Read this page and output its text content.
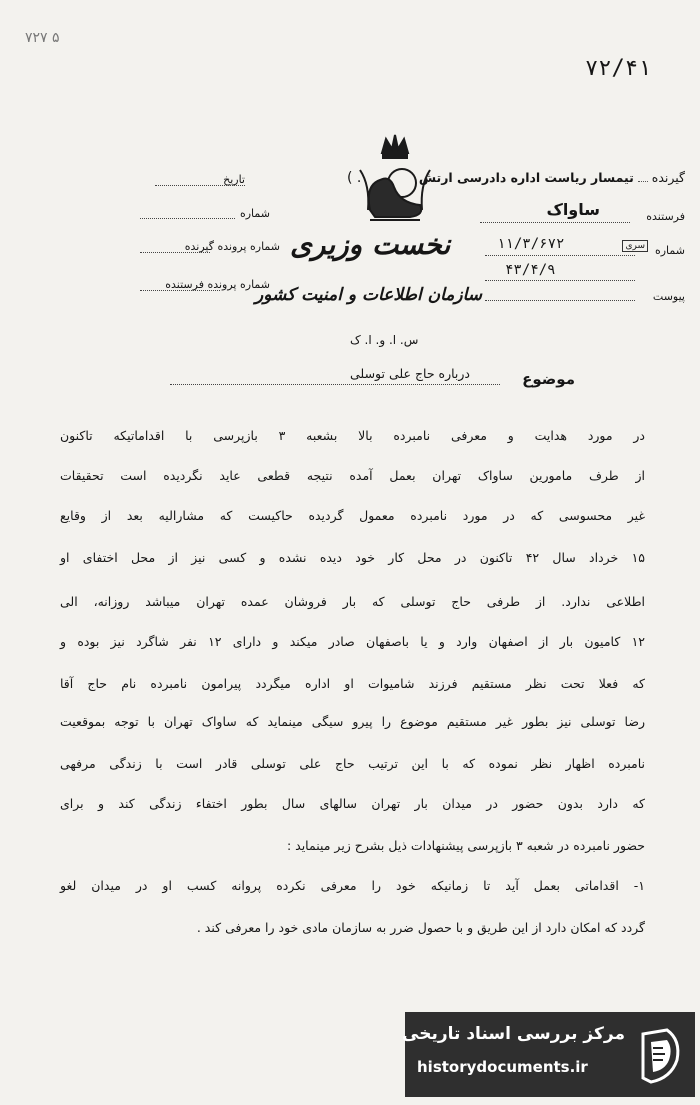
۷۲۷ ۵
۷۲/۴۱
گیرنده  تیمسار ریاست اداره دادرسی ارتش
( .
تاریخ
شماره
شماره پرونده گیرنده
شماره پرونده فرستنده
فرستنده
ساواک
شماره
سری
۱۱/۳/۶۷۲
۴۳/۴/۹
پیوست
نخست وزیری
سازمان اطلاعات و امنیت کشور
س. ا. و. ا. ک
موضوع
درباره حاج علی توسلی
در مورد هدایت و معرفی نامبرده بالا بشعبه ۳ بازپرسی با اقداماتیکه تاکنون
از طرف مامورین ساواک تهران بعمل آمده نتیجه قطعی عاید نگردیده است تحقیقات
غیر محسوسی که در مورد نامبرده معمول گردیده حاکیست که مشارالیه بعد از وقایع
۱۵ خرداد سال ۴۲ تاکنون در محل کار خود دیده نشده و کسی نیز از محل اختفای او
اطلاعی ندارد. از طرفی حاج توسلی که بار فروشان عمده تهران میباشد روزانه، الی
۱۲ کامیون بار از اصفهان وارد و یا باصفهان صادر میکند و دارای ۱۲ نفر شاگرد نیز بوده و
که فعلا تحت نظر مستقیم فرزند شامیوات او اداره میگردد پیرامون نامبرده نام حاج آقا
رضا توسلی نیز بطور غیر مستقیم موضوع را پیرو سیگی مینماید که ساواک تهران با توجه بموقعیت
نامبرده اظهار نظر نموده که با این ترتیب حاج علی توسلی قادر است با زندگی مرفهی
که دارد بدون حضور در میدان بار تهران سالهای سال بطور اختفاء زندگی کند و برای
حضور نامبرده در شعبه ۳ بازپرسی پیشنهادات ذیل بشرح زیر مینماید :
۱- اقداماتی بعمل آید تا زمانیکه خود را معرفی نکرده پروانه کسب او در میدان لغو
گردد که امکان دارد از این طریق و با حصول ضرر به سازمان مادی خود را معرفی کند .
مرکز بررسی اسناد تاریخی
historydocuments.ir
